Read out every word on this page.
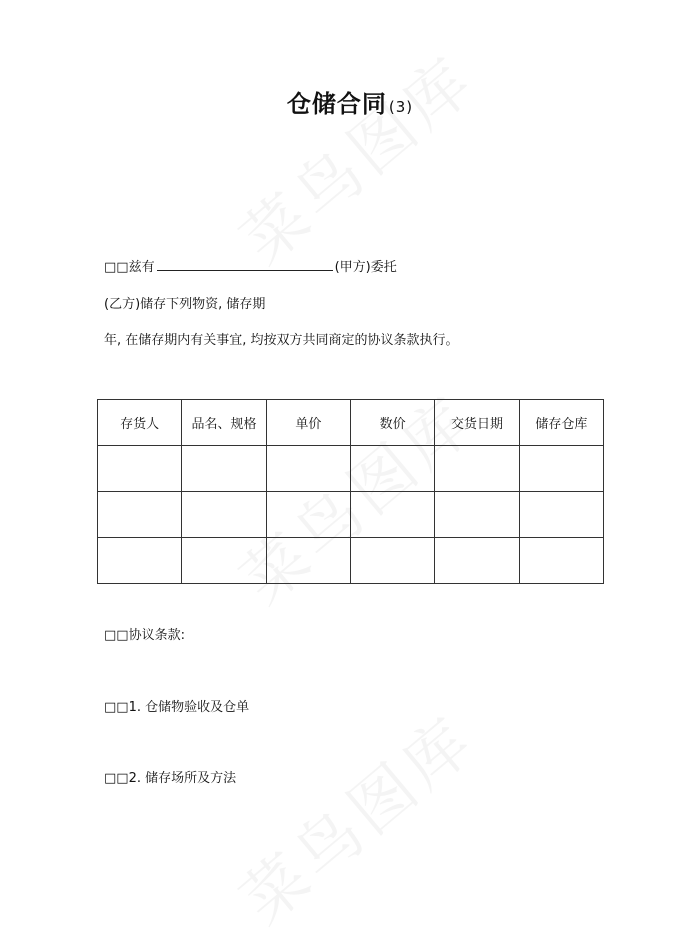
仓储合同 (3)
□□兹有	(甲方)委托
(乙方)储存下列物资, 储存期
年, 在储存期内有关事宜, 均按双方共同商定的协议条款执行。
存货人	品名、规格	单价	数价	交货日期	储存仓库

□□协议条款:
□□1. 仓储物验收及仓单
□□2. 储存场所及方法
